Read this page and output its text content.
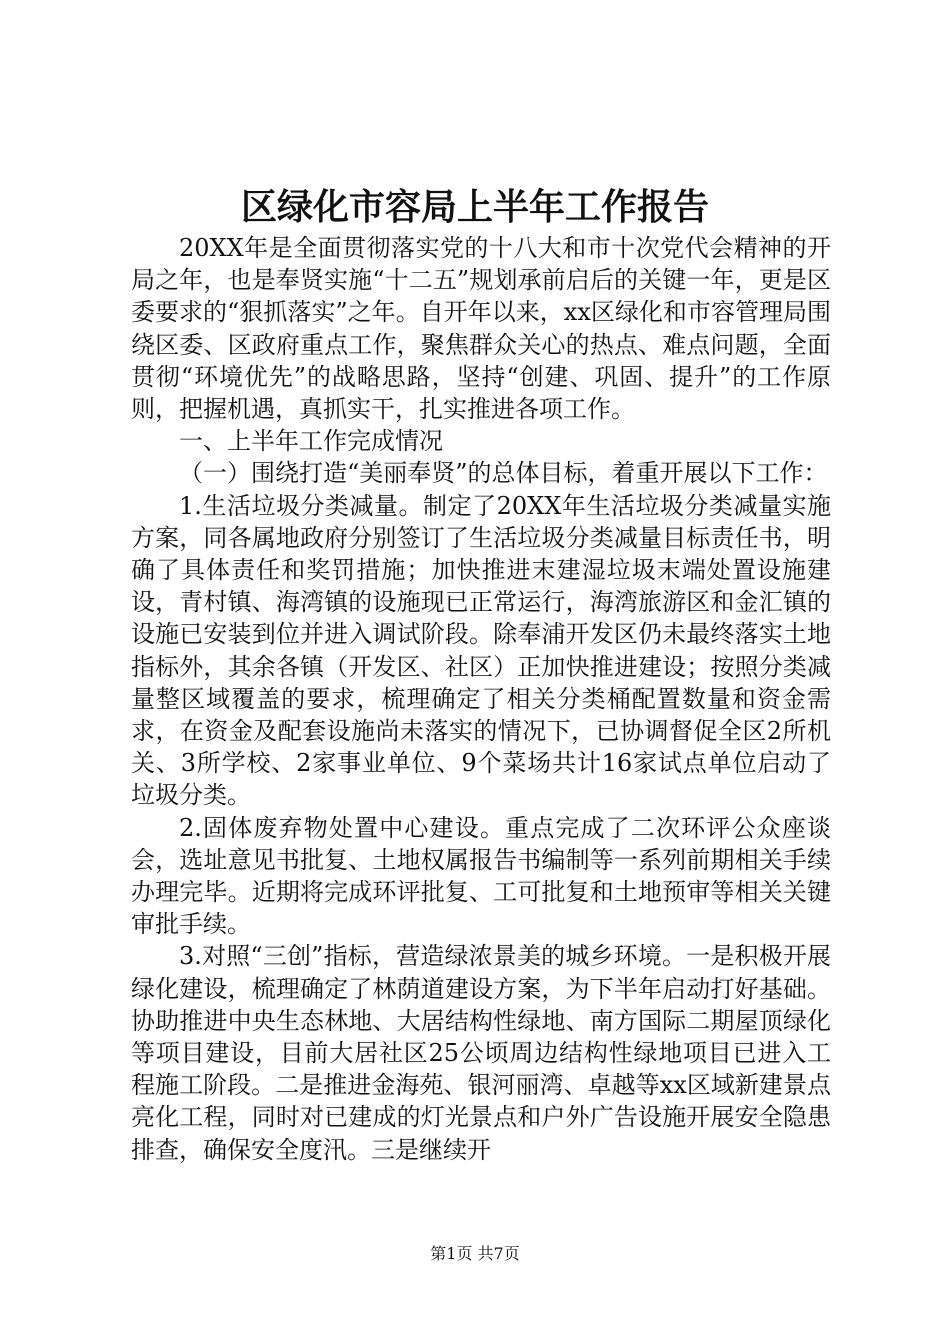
区绿化市容局上半年工作报告

20XX年是全面贯彻落实党的十八大和市十次党代会精神的开局之年，也是奉贤实施“十二五”规划承前启后的关键一年，更是区委要求的“狠抓落实”之年。自开年以来，xx区绿化和市容管理局围绕区委、区政府重点工作，聚焦群众关心的热点、难点问题，全面贯彻“环境优先”的战略思路，坚持“创建、巩固、提升”的工作原则，把握机遇，真抓实干，扎实推进各项工作。

一、上半年工作完成情况

（一）围绕打造“美丽奉贤”的总体目标，着重开展以下工作：

1.生活垃圾分类减量。制定了20XX年生活垃圾分类减量实施方案，同各属地政府分别签订了生活垃圾分类减量目标责任书，明确了具体责任和奖罚措施；加快推进末建湿垃圾末端处置设施建设，青村镇、海湾镇的设施现已正常运行，海湾旅游区和金汇镇的设施已安装到位并进入调试阶段。除奉浦开发区仍未最终落实土地指标外，其余各镇（开发区、社区）正加快推进建设；按照分类减量整区域覆盖的要求，梳理确定了相关分类桶配置数量和资金需求，在资金及配套设施尚未落实的情况下，已协调督促全区2所机关、3所学校、2家事业单位、9个菜场共计16家试点单位启动了垃圾分类。

2.固体废弃物处置中心建设。重点完成了二次环评公众座谈会，选址意见书批复、土地权属报告书编制等一系列前期相关手续办理完毕。近期将完成环评批复、工可批复和土地预审等相关关键审批手续。

3.对照“三创”指标，营造绿浓景美的城乡环境。一是积极开展绿化建设，梳理确定了林荫道建设方案，为下半年启动打好基础。协助推进中央生态林地、大居结构性绿地、南方国际二期屋顶绿化等项目建设，目前大居社区25公顷周边结构性绿地项目已进入工程施工阶段。二是推进金海苑、银河丽湾、卓越等xx区域新建景点亮化工程，同时对已建成的灯光景点和户外广告设施开展安全隐患排查，确保安全度汛。三是继续开

第1页 共7页
